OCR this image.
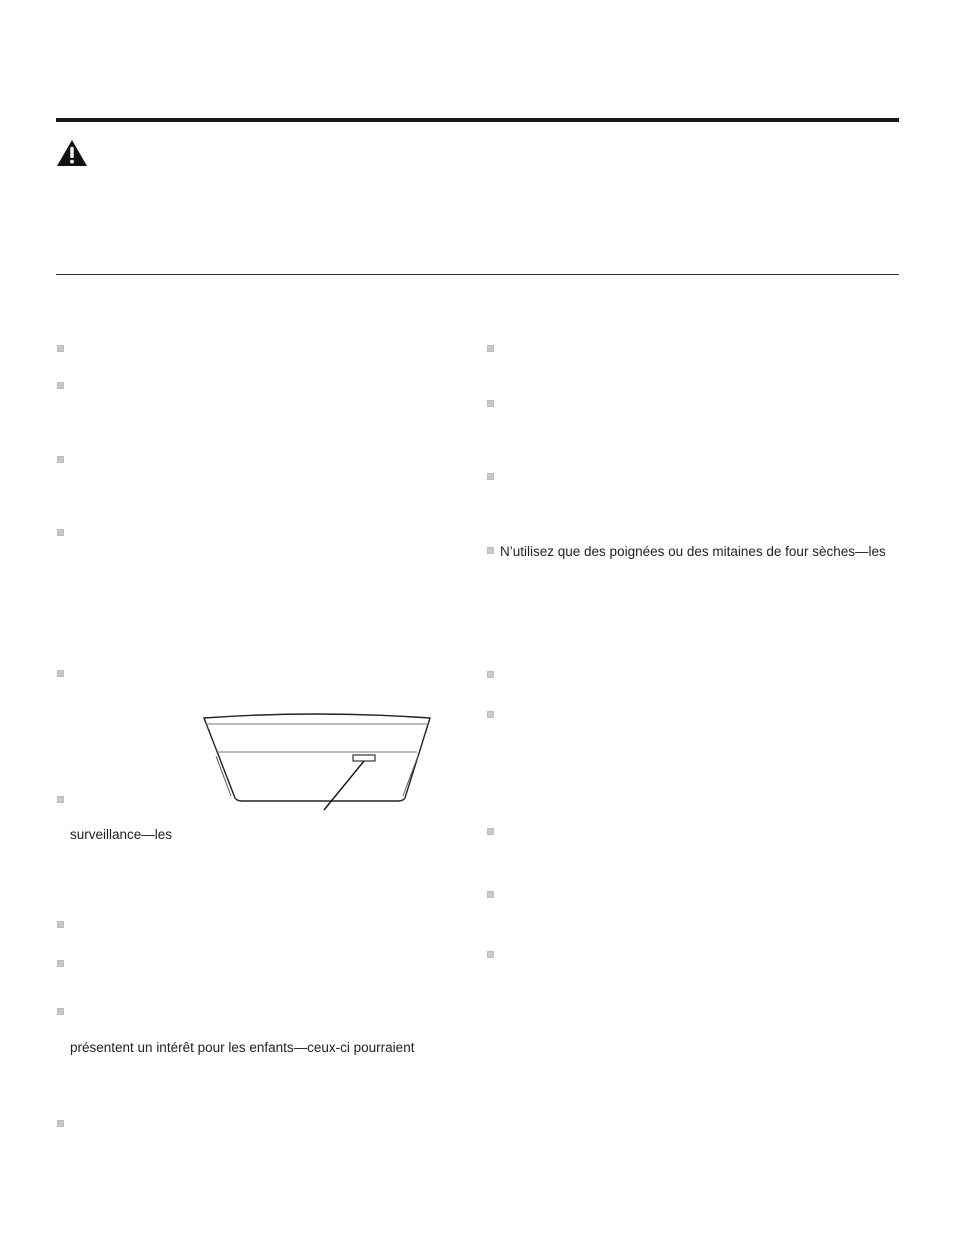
surveillance—les
présentent un intérêt pour les enfants—ceux-ci pourraient
N’utilisez que des poignées ou des mitaines de four sèches—les
